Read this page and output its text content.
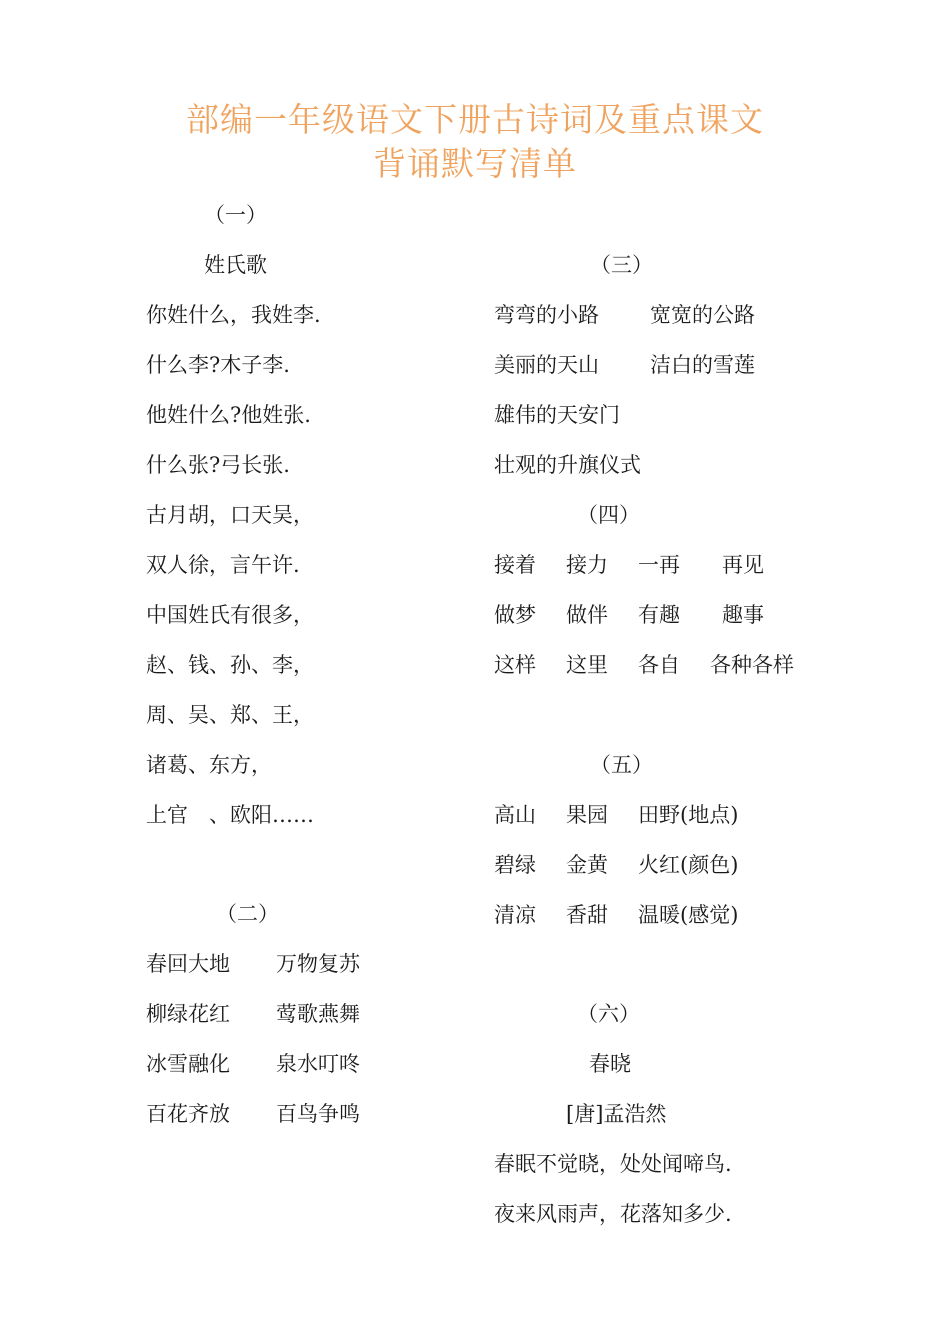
部编一年级语文下册古诗词及重点课文
背诵默写清单
（一）
姓氏歌
你姓什么，我姓李.
什么李?木子李.
他姓什么?他姓张.
什么张?弓长张.
古月胡，口天吴，
双人徐，言午许.
中国姓氏有很多，
赵、钱、孙、李，
周、吴、郑、王，
诸葛、东方，
上官　、欧阳……
（二）
春回大地 万物复苏
柳绿花红 莺歌燕舞
冰雪融化 泉水叮咚
百花齐放 百鸟争鸣
（三）
弯弯的小路 宽宽的公路
美丽的天山 洁白的雪莲
雄伟的天安门
壮观的升旗仪式
（四）
接着 接力 一再 再见
做梦 做伴 有趣 趣事
这样 这里 各自 各种各样
（五）
高山 果园 田野(地点)
碧绿 金黄 火红(颜色)
清凉 香甜 温暖(感觉)
（六）
春晓
[唐]孟浩然
春眠不觉晓，处处闻啼鸟.
夜来风雨声，花落知多少.
